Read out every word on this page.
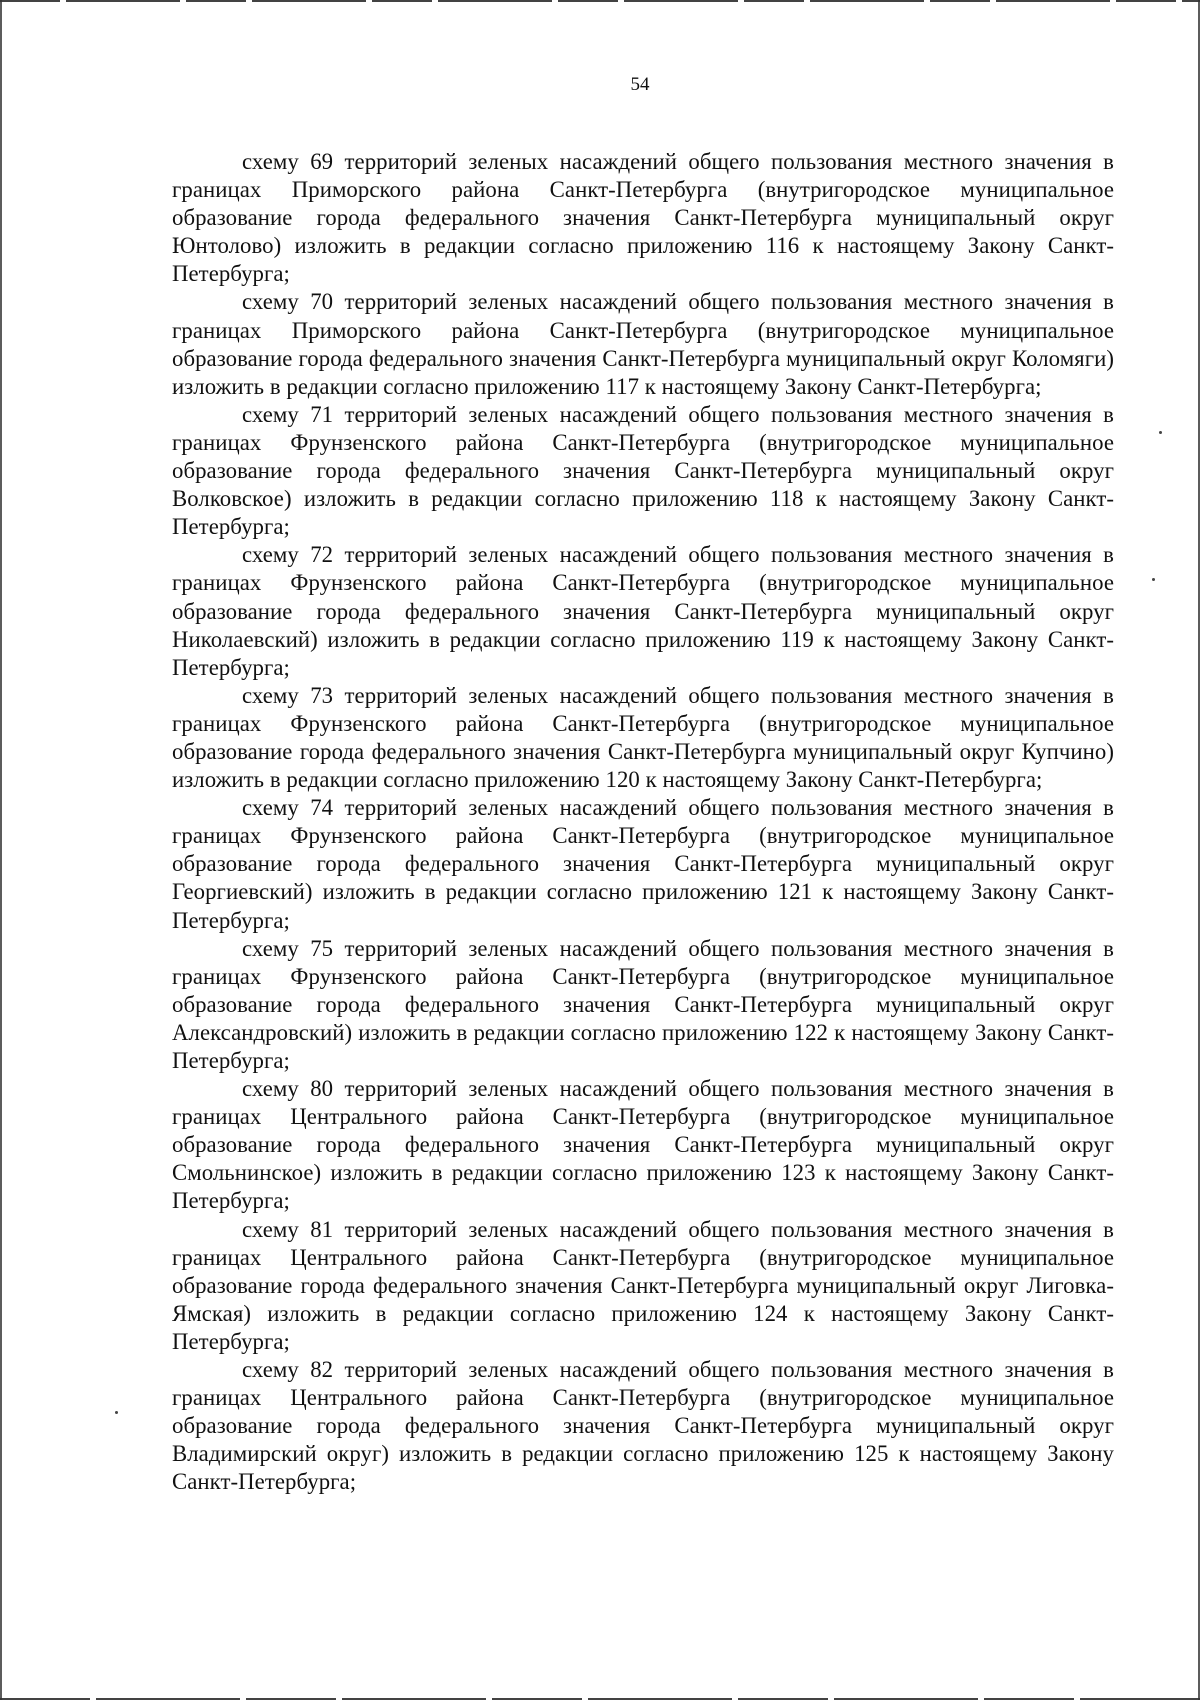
54

схему 69 территорий зеленых насаждений общего пользования местного значения в границах Приморского района Санкт-Петербурга (внутригородское муниципальное образование города федерального значения Санкт-Петербурга муниципальный округ Юнтолово) изложить в редакции согласно приложению 116 к настоящему Закону Санкт-Петербурга;

схему 70 территорий зеленых насаждений общего пользования местного значения в границах Приморского района Санкт-Петербурга (внутригородское муниципальное образование города федерального значения Санкт-Петербурга муниципальный округ Коломяги) изложить в редакции согласно приложению 117 к настоящему Закону Санкт-Петербурга;

схему 71 территорий зеленых насаждений общего пользования местного значения в границах Фрунзенского района Санкт-Петербурга (внутригородское муниципальное образование города федерального значения Санкт-Петербурга муниципальный округ Волковское) изложить в редакции согласно приложению 118 к настоящему Закону Санкт-Петербурга;

схему 72 территорий зеленых насаждений общего пользования местного значения в границах Фрунзенского района Санкт-Петербурга (внутригородское муниципальное образование города федерального значения Санкт-Петербурга муниципальный округ Николаевский) изложить в редакции согласно приложению 119 к настоящему Закону Санкт-Петербурга;

схему 73 территорий зеленых насаждений общего пользования местного значения в границах Фрунзенского района Санкт-Петербурга (внутригородское муниципальное образование города федерального значения Санкт-Петербурга муниципальный округ Купчино) изложить в редакции согласно приложению 120 к настоящему Закону Санкт-Петербурга;

схему 74 территорий зеленых насаждений общего пользования местного значения в границах Фрунзенского района Санкт-Петербурга (внутригородское муниципальное образование города федерального значения Санкт-Петербурга муниципальный округ Георгиевский) изложить в редакции согласно приложению 121 к настоящему Закону Санкт-Петербурга;

схему 75 территорий зеленых насаждений общего пользования местного значения в границах Фрунзенского района Санкт-Петербурга (внутригородское муниципальное образование города федерального значения Санкт-Петербурга муниципальный округ Александровский) изложить в редакции согласно приложению 122 к настоящему Закону Санкт-Петербурга;

схему 80 территорий зеленых насаждений общего пользования местного значения в границах Центрального района Санкт-Петербурга (внутригородское муниципальное образование города федерального значения Санкт-Петербурга муниципальный округ Смольнинское) изложить в редакции согласно приложению 123 к настоящему Закону Санкт-Петербурга;

схему 81 территорий зеленых насаждений общего пользования местного значения в границах Центрального района Санкт-Петербурга (внутригородское муниципальное образование города федерального значения Санкт-Петербурга муниципальный округ Лиговка-Ямская) изложить в редакции согласно приложению 124 к настоящему Закону Санкт-Петербурга;

схему 82 территорий зеленых насаждений общего пользования местного значения в границах Центрального района Санкт-Петербурга (внутригородское муниципальное образование города федерального значения Санкт-Петербурга муниципальный округ Владимирский округ) изложить в редакции согласно приложению 125 к настоящему Закону Санкт-Петербурга;
